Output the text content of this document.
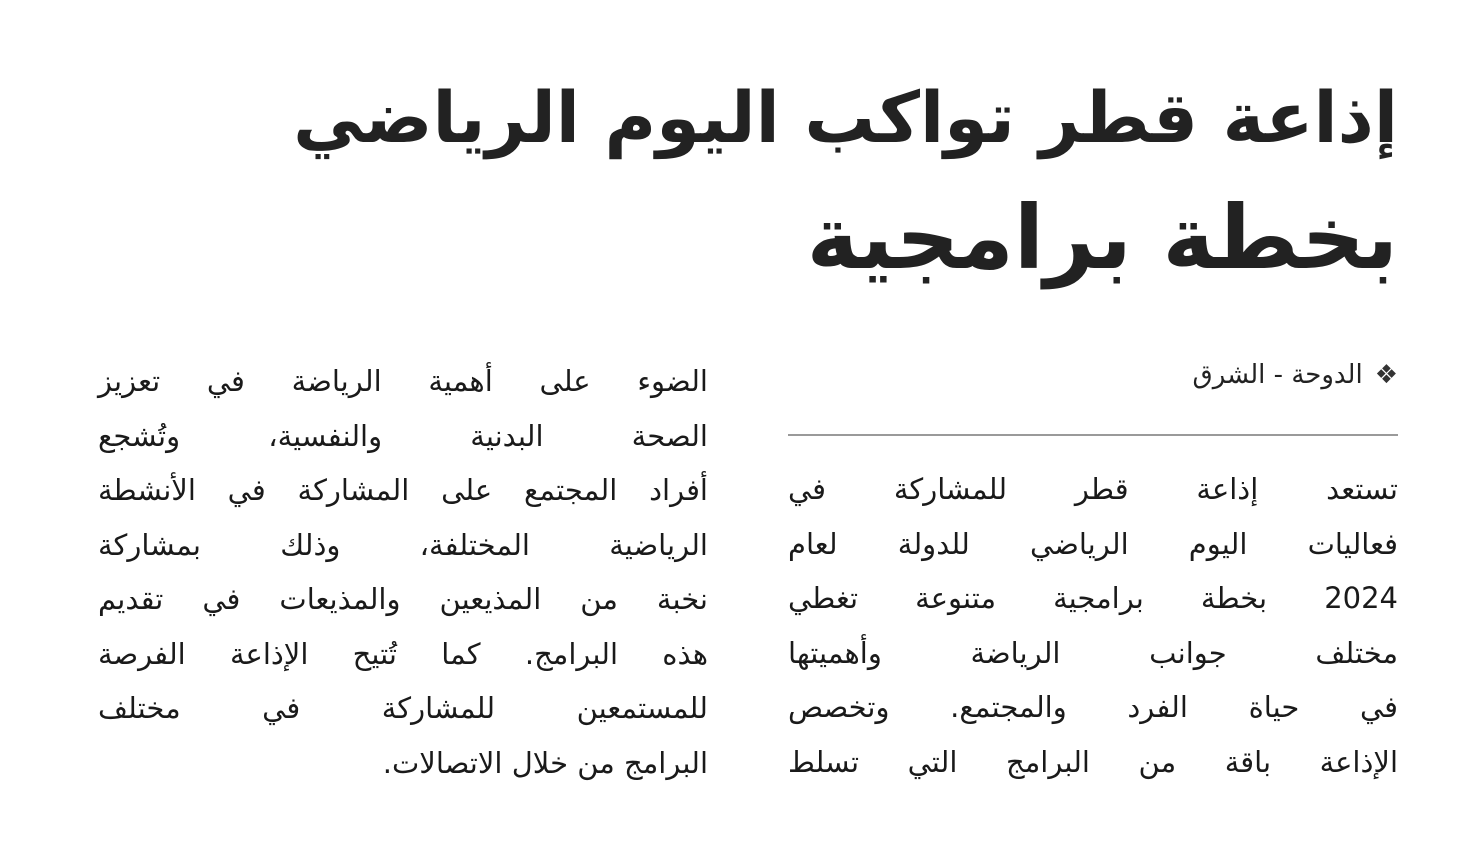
إذاعة قطر تواكب اليوم الرياضي
بخطة برامجية
❖
الدوحة - الشرق
تستعد إذاعة قطر للمشاركة في
فعاليات اليوم الرياضي للدولة لعام
2024 بخطة برامجية متنوعة تغطي
مختلف جوانب الرياضة وأهميتها
في حياة الفرد والمجتمع. وتخصص
الإذاعة باقة من البرامج التي تسلط
الضوء على أهمية الرياضة في تعزيز
الصحة البدنية والنفسية، وتُشجع
أفراد المجتمع على المشاركة في الأنشطة
الرياضية المختلفة، وذلك بمشاركة
نخبة من المذيعين والمذيعات في تقديم
هذه البرامج. كما تُتيح الإذاعة الفرصة
للمستمعين للمشاركة في مختلف
البرامج من خلال الاتصالات.
